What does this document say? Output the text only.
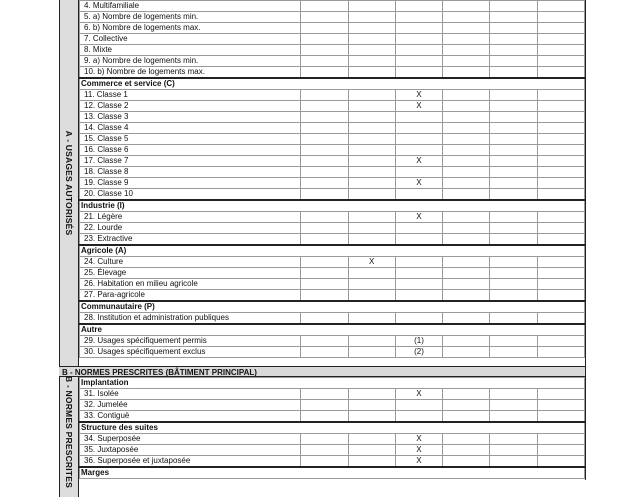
A - USAGES AUTORISÉS
4. Multifamiliale						
5. a) Nombre de logements min.						
6. b) Nombre de logements max.						
7. Collective						
8. Mixte						
9. a) Nombre de logements min.						
10. b) Nombre de logements max.						
Commerce et service (C)						
11. Classe 1			X			
12. Classe 2			X			
13. Classe 3						
14. Classe 4						
15. Classe 5						
16. Classe 6						
17. Classe 7			X			
18. Classe 8						
19. Classe 9			X			
20. Classe 10						
Industrie (I)						
21. Légère			X			
22. Lourde						
23. Extractive						
Agricole (A)						
24. Culture		X				
25. Élevage						
26. Habitation en milieu agricole						
27. Para-agricole						
Communautaire (P)						
28. Institution et administration publiques						
Autre						
29. Usages spécifiquement permis			(1)			
30. Usages spécifiquement exclus			(2)			
B - NORMES PRESCRITES (BÂTIMENT PRINCIPAL)
B - NORMES PRESCRITES Implantation						
31. Isolée			X			
32. Jumelée						
33. Contiguë						
Structure des suites						
34. Superposée			X			
35. Juxtaposée			X			
36. Superposée et juxtaposée			X			
Marges						
